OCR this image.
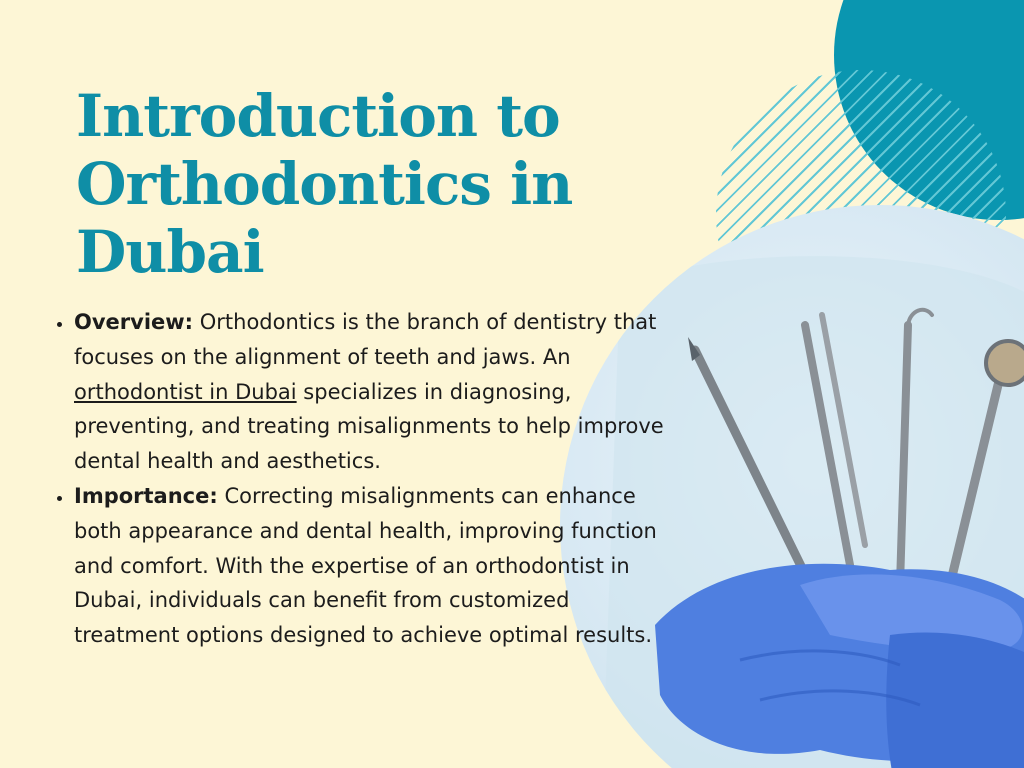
Introduction to Orthodontics in Dubai
• Overview: Orthodontics is the branch of dentistry that focuses on the alignment of teeth and jaws. An orthodontist in Dubai specializes in diagnosing, preventing, and treating misalignments to help improve dental health and aesthetics.
• Importance: Correcting misalignments can enhance both appearance and dental health, improving function and comfort. With the expertise of an orthodontist in Dubai, individuals can benefit from customized treatment options designed to achieve optimal results.
